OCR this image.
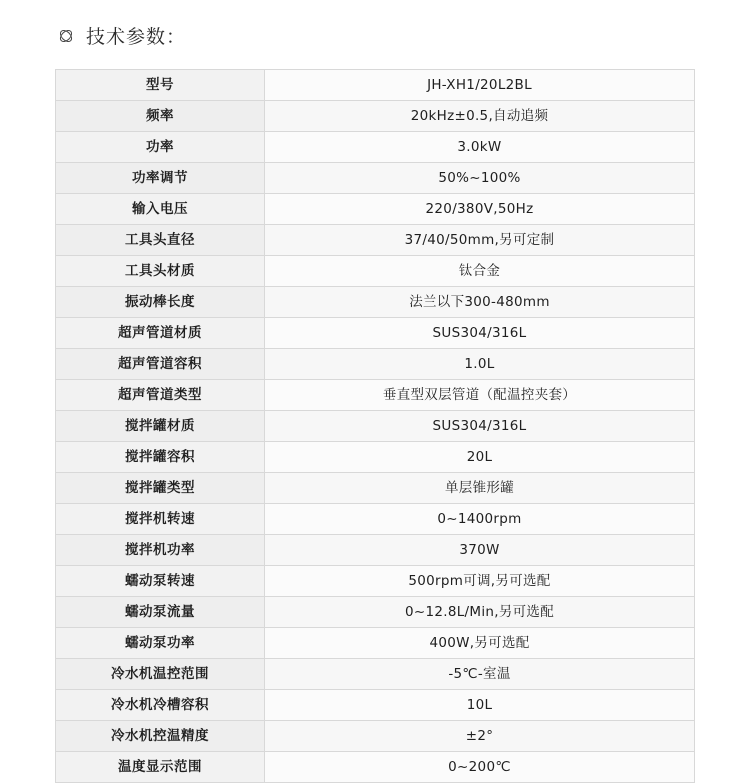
技术参数：
型号	JH-XH1/20L2BL
频率	20kHz±0.5,自动追频
功率	3.0kW
功率调节	50%~100%
输入电压	220/380V,50Hz
工具头直径	37/40/50mm,另可定制
工具头材质	钛合金
振动棒长度	法兰以下300-480mm
超声管道材质	SUS304/316L
超声管道容积	1.0L
超声管道类型	垂直型双层管道（配温控夹套）
搅拌罐材质	SUS304/316L
搅拌罐容积	20L
搅拌罐类型	单层锥形罐
搅拌机转速	0~1400rpm
搅拌机功率	370W
蠕动泵转速	500rpm可调,另可选配
蠕动泵流量	0~12.8L/Min,另可选配
蠕动泵功率	400W,另可选配
冷水机温控范围	-5℃-室温
冷水机冷槽容积	10L
冷水机控温精度	±2°
温度显示范围	0~200℃
